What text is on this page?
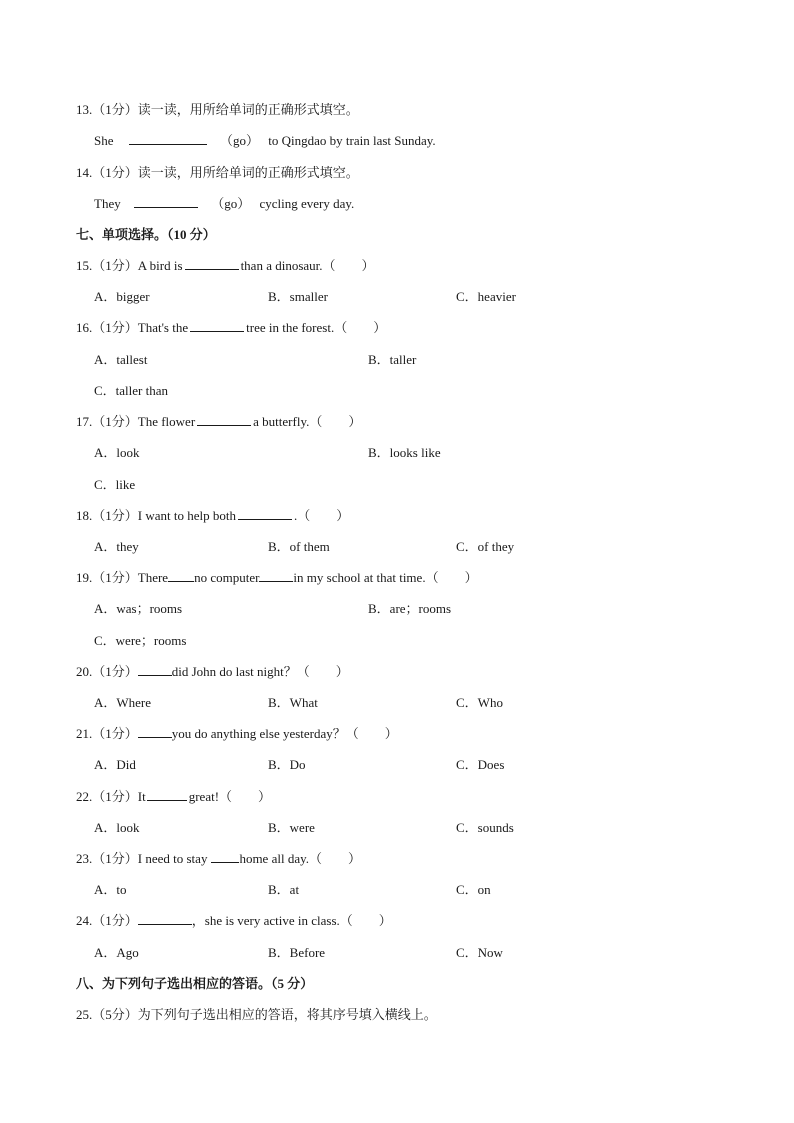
13.（1分）读一读，用所给单词的正确形式填空。
She	（go） to Qingdao by train last Sunday.
14.（1分）读一读，用所给单词的正确形式填空。
They	（go） cycling every day.
七、单项选择。（10 分）
15.（1分）A bird is	than a dinosaur.（　　）
A．bigger	B．smaller	C．heavier
16.（1分）That's the	tree in the forest.（　　）
A．tallest	B．taller
C．taller than
17.（1分）The flower	a butterfly.（　　）
A．look	B．looks like
C．like
18.（1分）I want to help both	.（　　）
A．they	B．of them	C．of they
19.（1分）There no computer	in my school at that time.（　　）
A．was；rooms	B．are；rooms
C．were；rooms
20.（1分）	did John do last night？（　　）
A．Where	B．What	C．Who
21.（1分）	you do anything else yesterday？（　　）
A．Did	B．Do	C．Does
22.（1分）It	great!（　　）
A．look	B．were	C．sounds
23.（1分）I need to stay home all day.（　　）
A．to	B．at	C．on
24.（1分）	，she is very active in class.（　　）
A．Ago	B．Before	C．Now
八、为下列句子选出相应的答语。（5 分）
25.（5分）为下列句子选出相应的答语，将其序号填入横线上。
